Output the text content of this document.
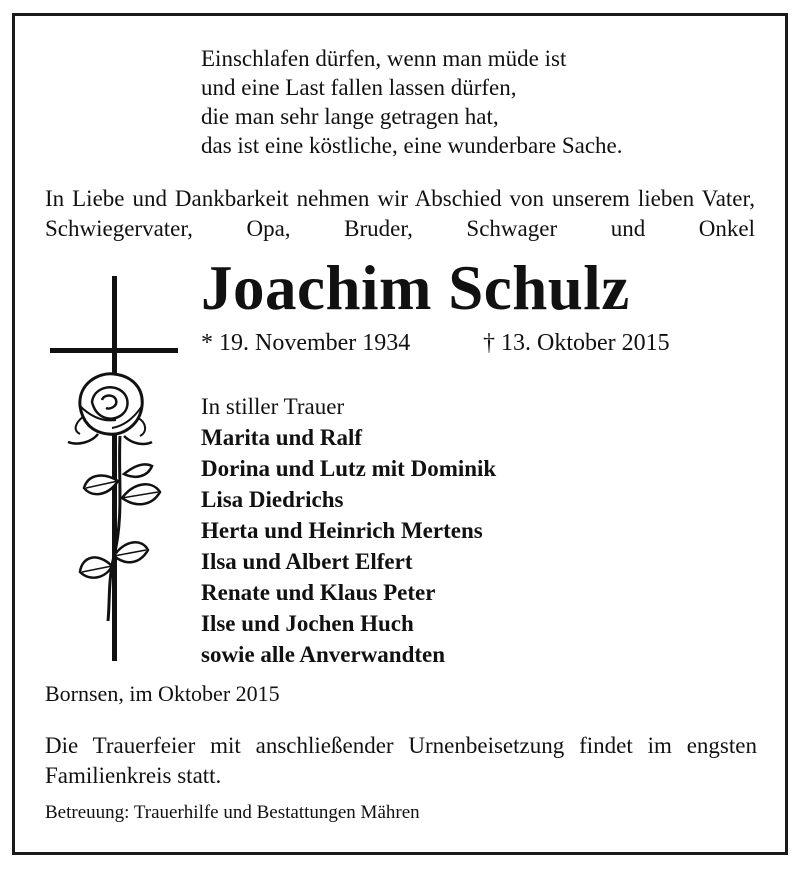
Einschlafen dürfen, wenn man müde ist
und eine Last fallen lassen dürfen,
die man sehr lange getragen hat,
das ist eine köstliche, eine wunderbare Sache.
In Liebe und Dankbarkeit nehmen wir Abschied von unserem lieben Vater, Schwiegervater, Opa, Bruder, Schwager und Onkel
Joachim Schulz
* 19. November 1934	† 13. Oktober 2015
In stiller Trauer
Marita und Ralf
Dorina und Lutz mit Dominik
Lisa Diedrichs
Herta und Heinrich Mertens
Ilsa und Albert Elfert
Renate und Klaus Peter
Ilse und Jochen Huch
sowie alle Anverwandten
Bornsen, im Oktober 2015
Die Trauerfeier mit anschließender Urnenbeisetzung findet im engsten Familienkreis statt.
Betreuung: Trauerhilfe und Bestattungen Mähren
